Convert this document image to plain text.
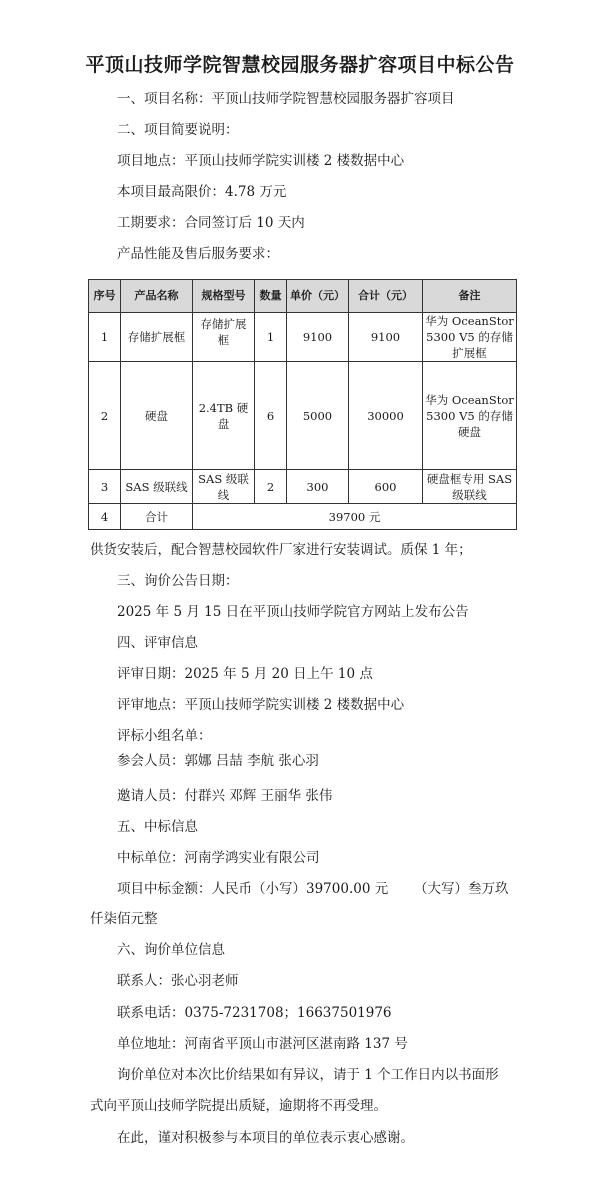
平顶山技师学院智慧校园服务器扩容项目中标公告
一、项目名称：平顶山技师学院智慧校园服务器扩容项目
二、项目简要说明：
项目地点：平顶山技师学院实训楼 2 楼数据中心
本项目最高限价：4.78 万元
工期要求：合同签订后 10 天内
产品性能及售后服务要求：
序号	产品名称	规格型号	数量	单价（元）	合计（元）	备注
1	存储扩展框	存储扩展框	1	9100	9100	华为 OceanStor 5300 V5 的存储扩展框
2	硬盘	2.4TB 硬盘	6	5000	30000	华为 OceanStor 5300 V5 的存储硬盘
3	SAS 级联线	SAS 级联线	2	300	600	硬盘框专用 SAS 级联线
4	合计	39700 元				
供货安装后，配合智慧校园软件厂家进行安装调试。质保 1 年；
三、询价公告日期：
2025 年 5 月 15 日在平顶山技师学院官方网站上发布公告
四、评审信息
评审日期：2025 年 5 月 20 日上午 10 点
评审地点：平顶山技师学院实训楼 2 楼数据中心
评标小组名单：
参会人员：郭娜 吕喆 李航 张心羽
邀请人员：付群兴 邓辉 王丽华 张伟
五、中标信息
中标单位：河南学鸿实业有限公司
项目中标金额：人民币（小写）39700.00 元      （大写）叁万玖
仟柒佰元整
六、询价单位信息
联系人：张心羽老师
联系电话：0375-7231708；16637501976
单位地址：河南省平顶山市湛河区湛南路 137 号
询价单位对本次比价结果如有异议，请于 1 个工作日内以书面形
式向平顶山技师学院提出质疑，逾期将不再受理。
在此，谨对积极参与本项目的单位表示衷心感谢。
